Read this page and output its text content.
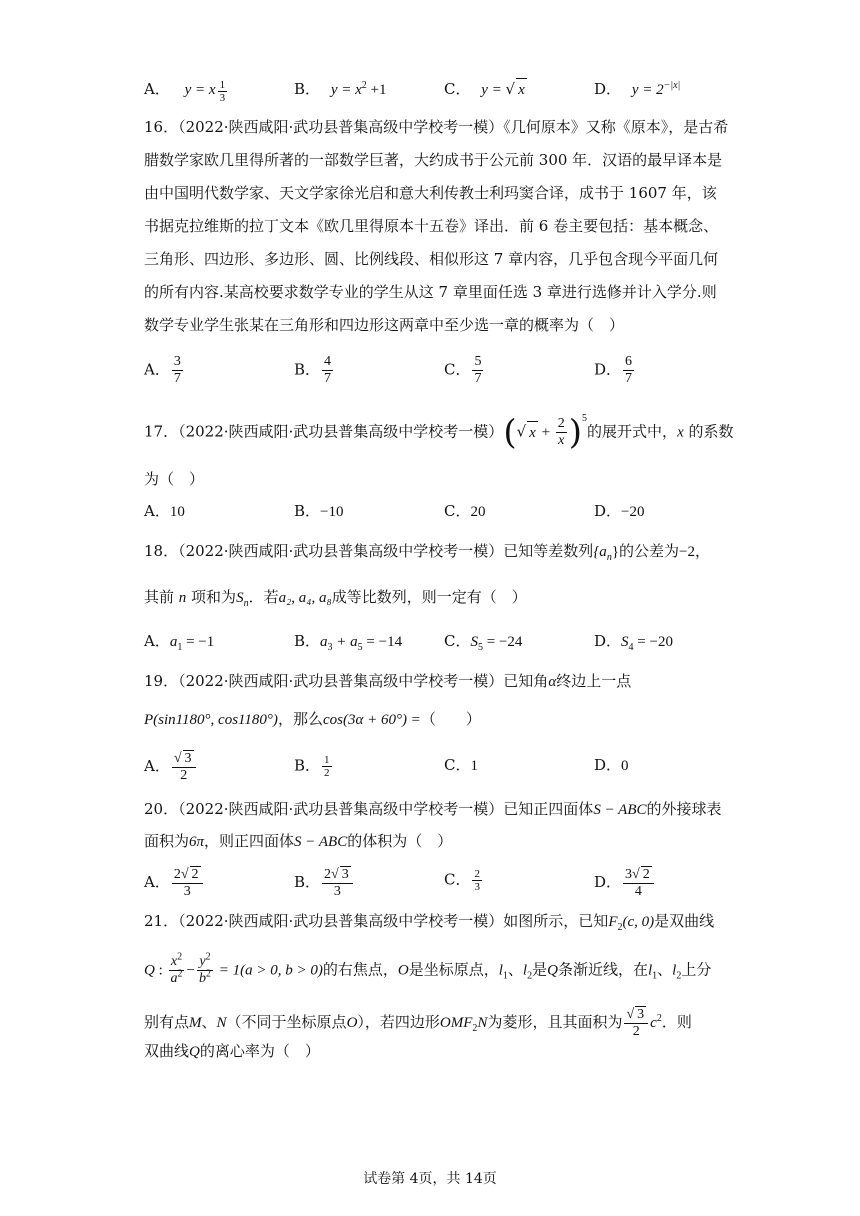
A． y = x $\frac{1}{3}$	B． $y = x^2 +1$	C． y = √ x	D． $y = 2^{-|x|}$
16．（2022·陕西咸阳·武功县普集高级中学校考一模）《几何原本》又称《原本》，是古希
腊数学家欧几里得所著的一部数学巨著，大约成书于公元前 300 年．汉语的最早译本是
由中国明代数学家、天文学家徐光启和意大利传教士利玛窦合译，成书于 1607 年，该
书据克拉维斯的拉丁文本《欧几里得原本十五卷》译出．前 6 卷主要包括：基本概念、
三角形、四边形、多边形、圆、比例线段、相似形这 7 章内容，几乎包含现今平面几何
的所有内容.某高校要求数学专业的学生从这 7 章里面任选 3 章进行选修并计入学分.则
数学专业学生张某在三角形和四边形这两章中至少选一章的概率为（　）
A． $\frac{3}{7}$	B． $\frac{4}{7}$	C． $\frac{5}{7}$	D． $\frac{6}{7}$
17．（2022·陕西咸阳·武功县普集高级中学校考一模）(√ $x + \frac{2}{x} )^5$的展开式中，x 的系数
为（　）
A．10	B．−10	C．20	D．−20
18．（2022·陕西咸阳·武功县普集高级中学校考一模）已知等差数列$\{a_n\}$的公差为−2，
其前 n 项和为$S_n$．若a₂, a₄, a₈成等比数列，则一定有（　）
A．$a_1 = -1$	B．$a_3 + a_5 = -14$	C．$S_5 = -24$	D．$S_4 = -20$
19．（2022·陕西咸阳·武功县普集高级中学校考一模）已知角α终边上一点
P(sin1180°, cos1180°)，那么cos(3α + 60°) =（　　）
A． $\frac{√ 3}{2}$	B． $\frac{1}{2}$	C．1	D．0
20．（2022·陕西咸阳·武功县普集高级中学校考一模）已知正四面体S − ABC的外接球表
面积为6π，则正四面体S − ABC的体积为（　）
A． $\frac{2√ 2}{3}$	B． $\frac{2√ 3}{3}$	C． $\frac{2}{3}$	D． $\frac{3√ 2}{4}$
21．（2022·陕西咸阳·武功县普集高级中学校考一模）如图所示，已知$F_2(c$, 0)是双曲线
Q : $\frac{x^2}{a^2} - \frac{y^2}{b^2} = 1(a > 0$, b > 0)的右焦点，O是坐标原点，$l_1$、$l_2$是Q条渐近线，在$l_1$、$l_2$上分
别有点M、N（不同于坐标原点O），若四边形$OMF_2N$为菱形，且其面积为 $\frac{√ 3}{2} c^2$．则
双曲线Q的离心率为（　）
试卷第 4页，共 14页
